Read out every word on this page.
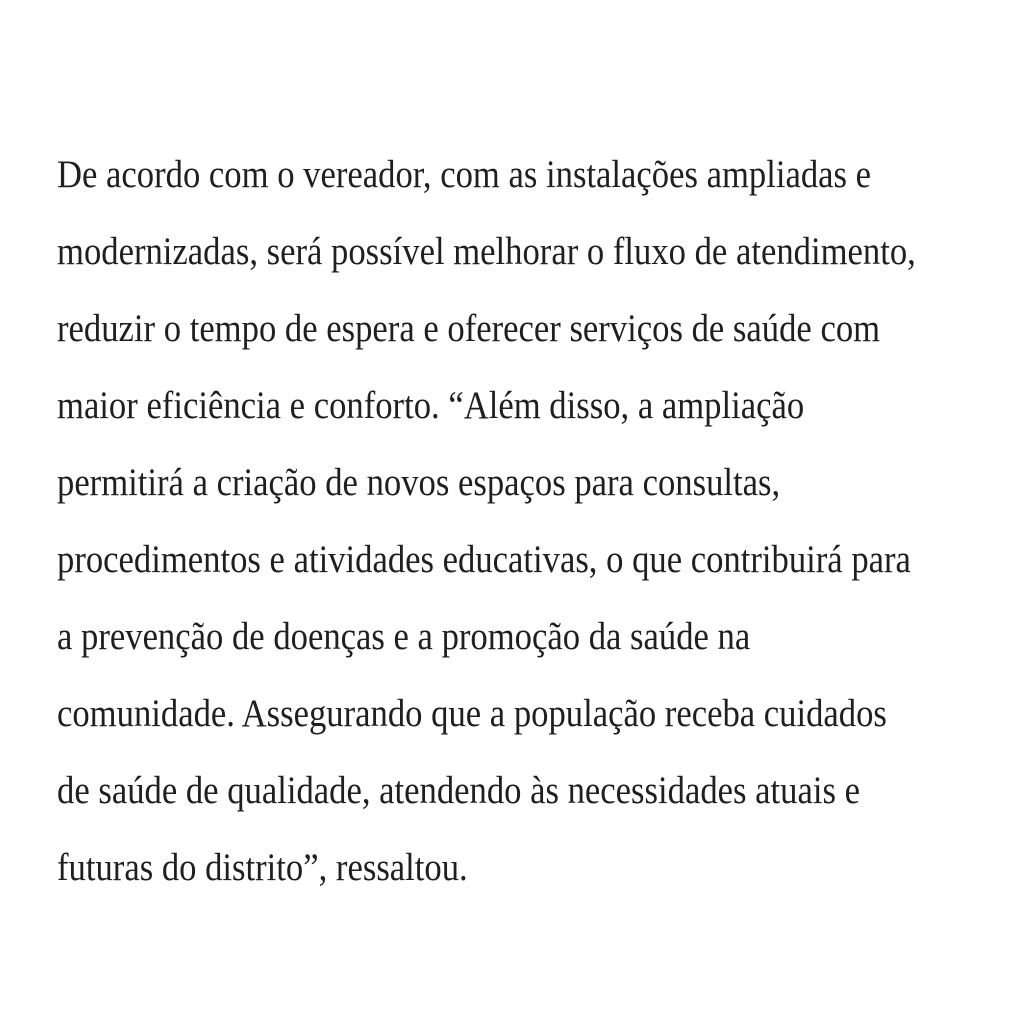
De acordo com o vereador, com as instalações ampliadas e
modernizadas, será possível melhorar o fluxo de atendimento,
reduzir o tempo de espera e oferecer serviços de saúde com
maior eficiência e conforto. “Além disso, a ampliação
permitirá a criação de novos espaços para consultas,
procedimentos e atividades educativas, o que contribuirá para
a prevenção de doenças e a promoção da saúde na
comunidade. Assegurando que a população receba cuidados
de saúde de qualidade, atendendo às necessidades atuais e
futuras do distrito”, ressaltou.
